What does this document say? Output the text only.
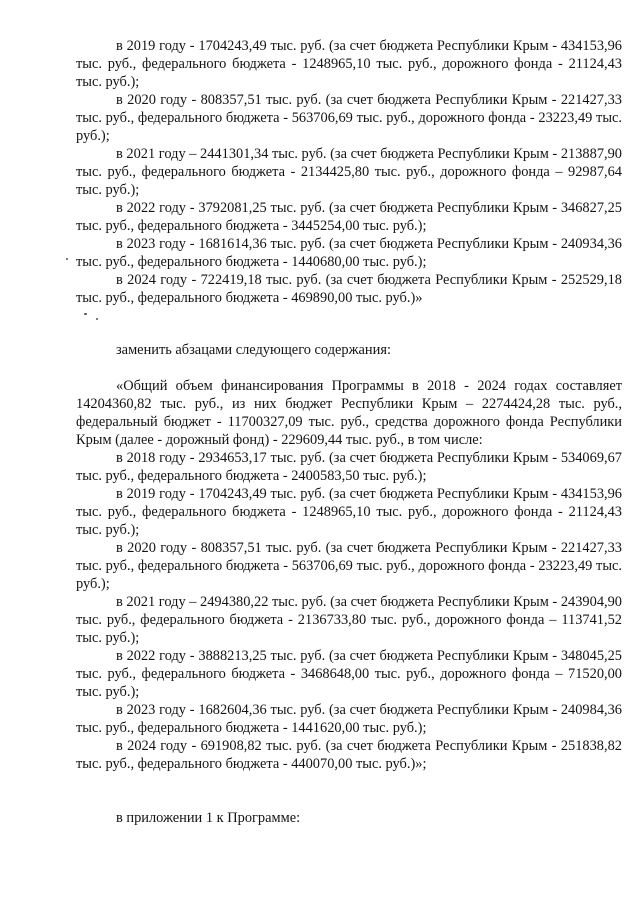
в 2019 году - 1704243,49 тыс. руб. (за счет бюджета Республики Крым - 434153,96 тыс. руб., федерального бюджета - 1248965,10 тыс. руб., дорожного фонда - 21124,43 тыс. руб.);

в 2020 году - 808357,51 тыс. руб. (за счет бюджета Республики Крым - 221427,33 тыс. руб., федерального бюджета - 563706,69 тыс. руб., дорожного фонда - 23223,49 тыс. руб.);

в 2021 году – 2441301,34 тыс. руб. (за счет бюджета Республики Крым - 213887,90 тыс. руб., федерального бюджета - 2134425,80 тыс. руб., дорожного фонда – 92987,64 тыс. руб.);

в 2022 году - 3792081,25 тыс. руб. (за счет бюджета Республики Крым - 346827,25 тыс. руб., федерального бюджета - 3445254,00 тыс. руб.);

в 2023 году - 1681614,36 тыс. руб. (за счет бюджета Республики Крым - 240934,36 тыс. руб., федерального бюджета - 1440680,00 тыс. руб.);

в 2024 году - 722419,18 тыс. руб. (за счет бюджета Республики Крым - 252529,18 тыс. руб., федерального бюджета - 469890,00 тыс. руб.)»

заменить абзацами следующего содержания:

«Общий объем финансирования Программы в 2018 - 2024 годах составляет 14204360,82 тыс. руб., из них бюджет Республики Крым – 2274424,28 тыс. руб., федеральный бюджет - 11700327,09 тыс. руб., средства дорожного фонда Республики Крым (далее - дорожный фонд) - 229609,44 тыс. руб., в том числе:

в 2018 году - 2934653,17 тыс. руб. (за счет бюджета Республики Крым - 534069,67 тыс. руб., федерального бюджета - 2400583,50 тыс. руб.);

в 2019 году - 1704243,49 тыс. руб. (за счет бюджета Республики Крым - 434153,96 тыс. руб., федерального бюджета - 1248965,10 тыс. руб., дорожного фонда - 21124,43 тыс. руб.);

в 2020 году - 808357,51 тыс. руб. (за счет бюджета Республики Крым - 221427,33 тыс. руб., федерального бюджета - 563706,69 тыс. руб., дорожного фонда - 23223,49 тыс. руб.);

в 2021 году – 2494380,22 тыс. руб. (за счет бюджета Республики Крым - 243904,90 тыс. руб., федерального бюджета - 2136733,80 тыс. руб., дорожного фонда – 113741,52 тыс. руб.);

в 2022 году - 3888213,25 тыс. руб. (за счет бюджета Республики Крым - 348045,25 тыс. руб., федерального бюджета - 3468648,00 тыс. руб., дорожного фонда – 71520,00 тыс. руб.);

в 2023 году - 1682604,36 тыс. руб. (за счет бюджета Республики Крым - 240984,36 тыс. руб., федерального бюджета - 1441620,00 тыс. руб.);

в 2024 году - 691908,82 тыс. руб. (за счет бюджета Республики Крым - 251838,82 тыс. руб., федерального бюджета - 440070,00 тыс. руб.)»;

в приложении 1 к Программе:
